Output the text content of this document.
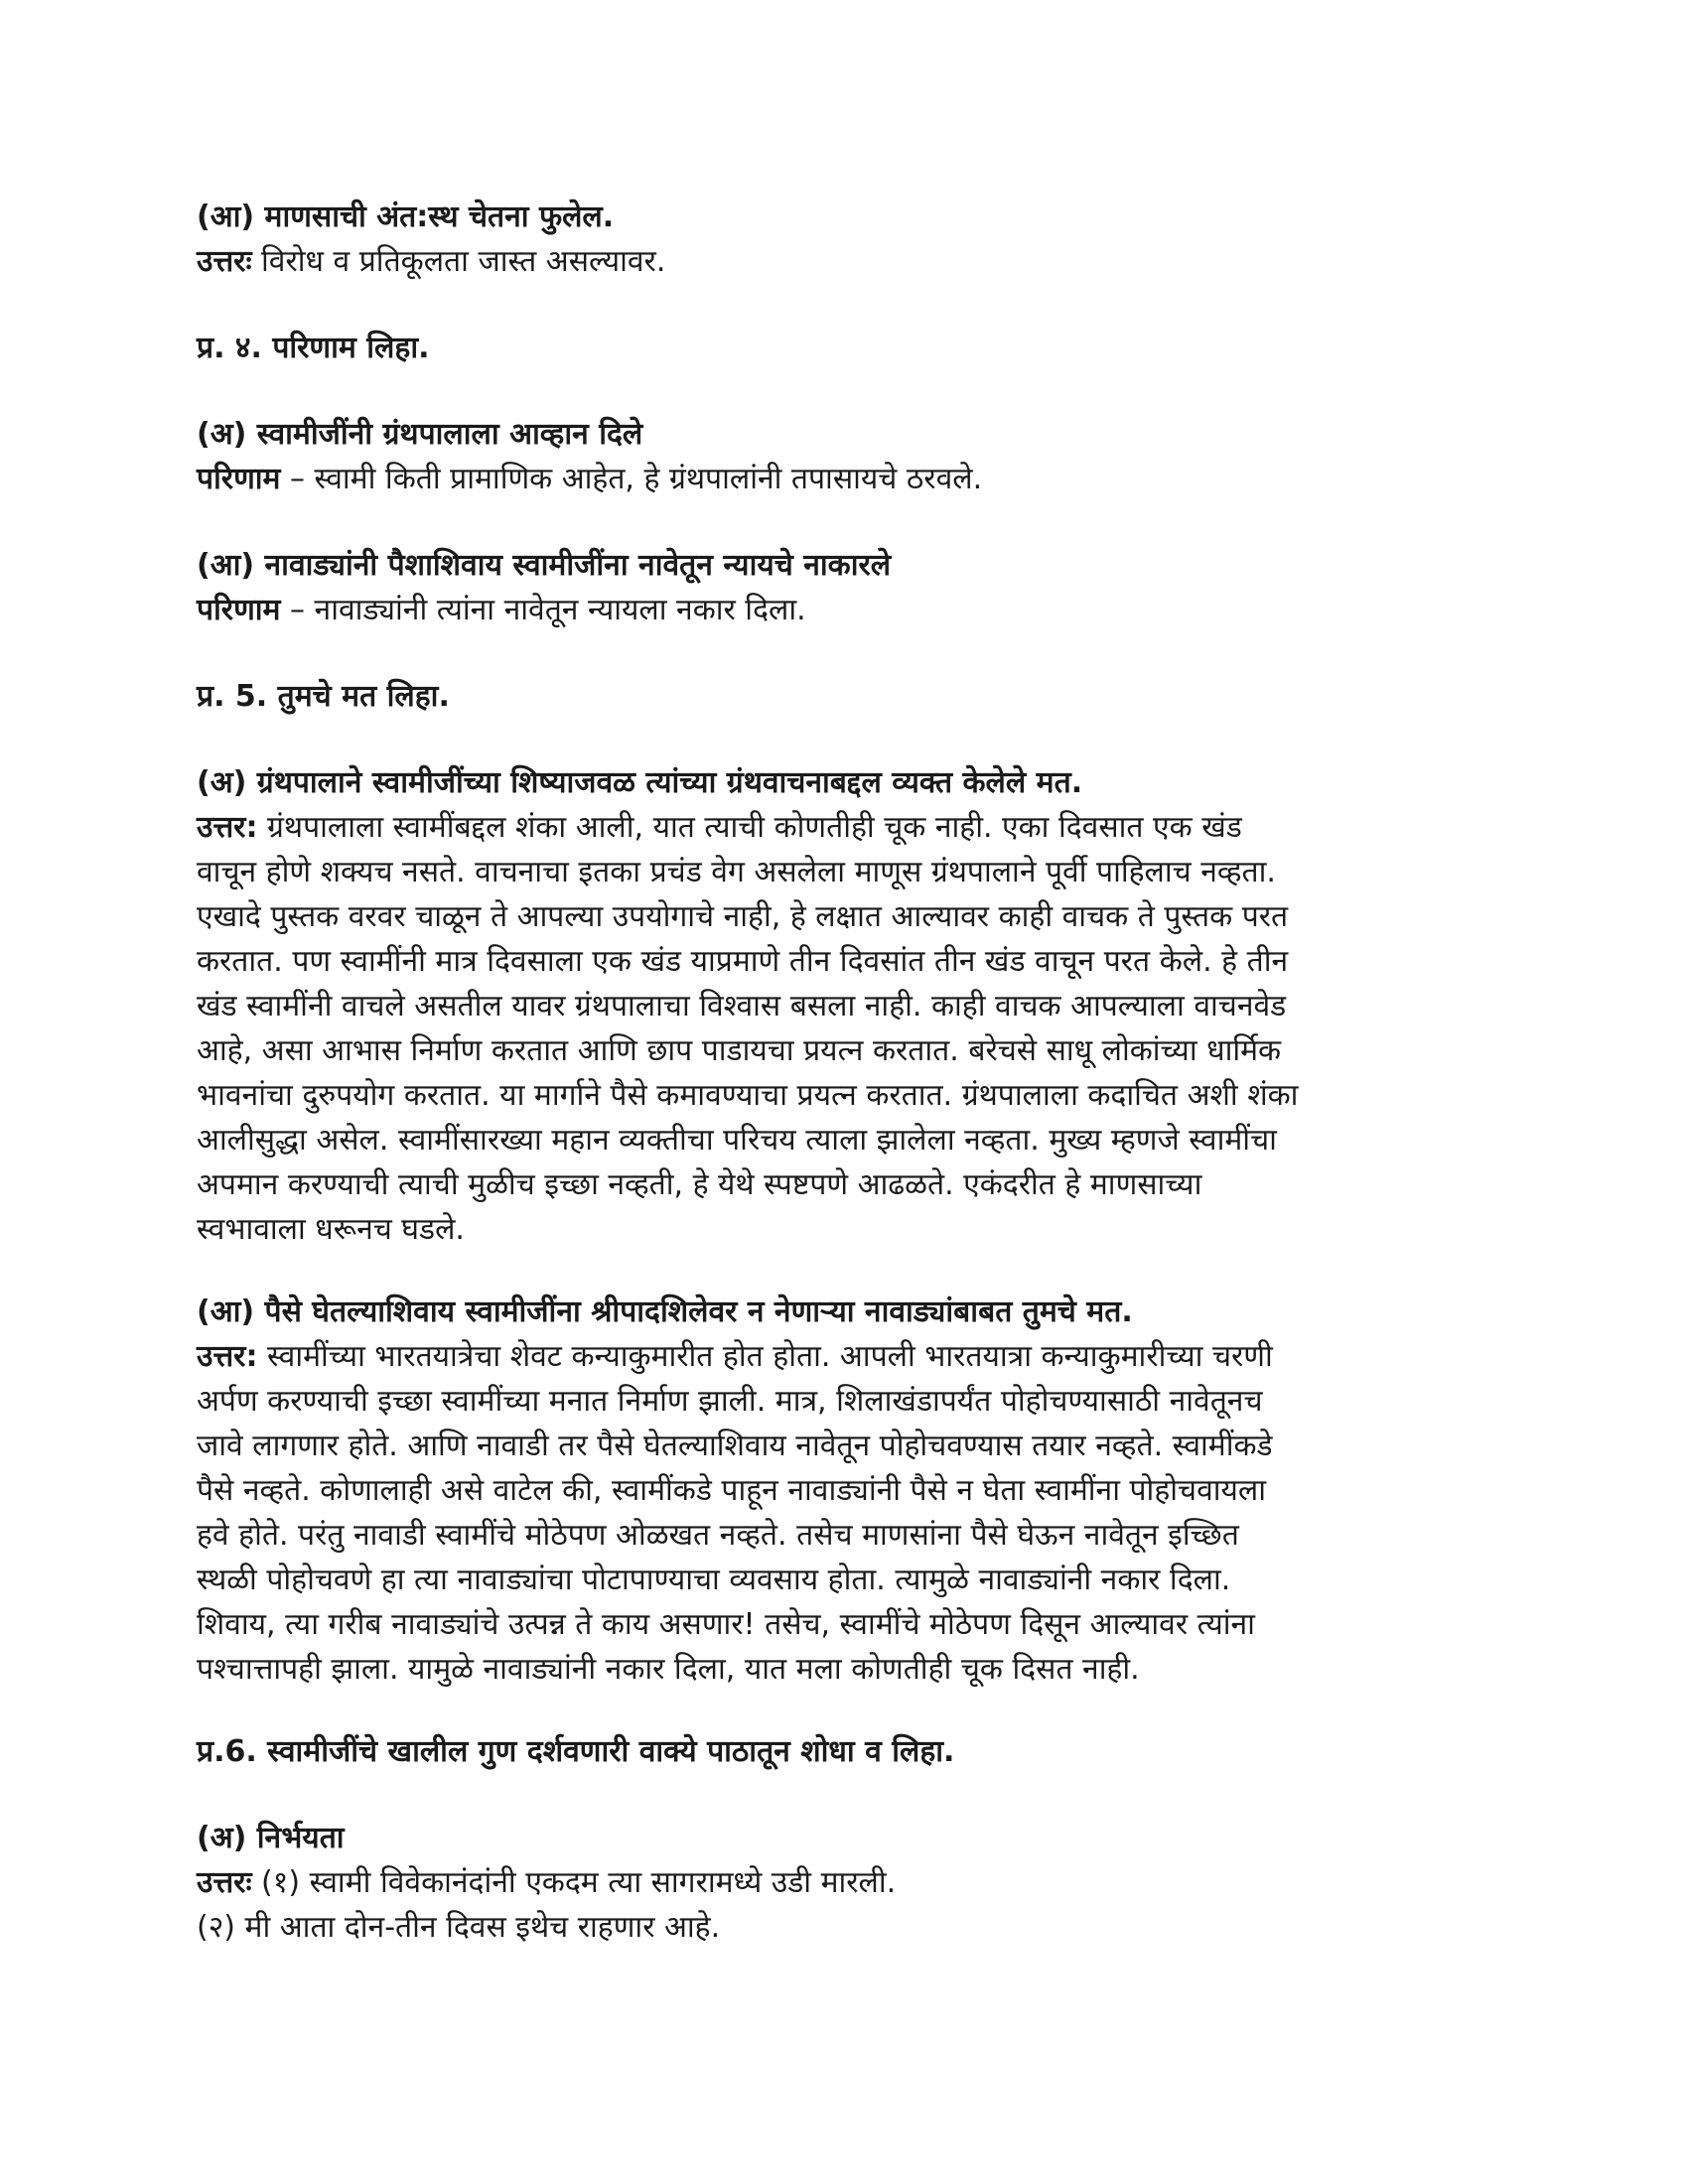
(आ) माणसाची अंत:स्थ चेतना फुलेल.

उत्तरः विरोध व प्रतिकूलता जास्त असल्यावर.

प्र. ४. परिणाम लिहा.

(अ) स्वामीजींनी ग्रंथपालाला आव्हान दिले

परिणाम – स्वामी किती प्रामाणिक आहेत, हे ग्रंथपालांनी तपासायचे ठरवले.

(आ) नावाड्यांनी पैशाशिवाय स्वामीजींना नावेतून न्यायचे नाकारले

परिणाम – नावाड्यांनी त्यांना नावेतून न्यायला नकार दिला.

प्र. 5. तुमचे मत लिहा.

(अ) ग्रंथपालाने स्वामीजींच्या शिष्याजवळ त्यांच्या ग्रंथवाचनाबद्दल व्यक्त केलेले मत.

उत्तर: ग्रंथपालाला स्वामींबद्दल शंका आली, यात त्याची कोणतीही चूक नाही. एका दिवसात एक खंड

वाचून होणे शक्यच नसते. वाचनाचा इतका प्रचंड वेग असलेला माणूस ग्रंथपालाने पूर्वी पाहिलाच नव्हता.

एखादे पुस्तक वरवर चाळून ते आपल्या उपयोगाचे नाही, हे लक्षात आल्यावर काही वाचक ते पुस्तक परत

करतात. पण स्वामींनी मात्र दिवसाला एक खंड याप्रमाणे तीन दिवसांत तीन खंड वाचून परत केले. हे तीन

खंड स्वामींनी वाचले असतील यावर ग्रंथपालाचा विश्वास बसला नाही. काही वाचक आपल्याला वाचनवेड

आहे, असा आभास निर्माण करतात आणि छाप पाडायचा प्रयत्न करतात. बरेचसे साधू लोकांच्या धार्मिक

भावनांचा दुरुपयोग करतात. या मार्गाने पैसे कमावण्याचा प्रयत्न करतात. ग्रंथपालाला कदाचित अशी शंका

आलीसुद्धा असेल. स्वामींसारख्या महान व्यक्तीचा परिचय त्याला झालेला नव्हता. मुख्य म्हणजे स्वामींचा

अपमान करण्याची त्याची मुळीच इच्छा नव्हती, हे येथे स्पष्टपणे आढळते. एकंदरीत हे माणसाच्या

स्वभावाला धरूनच घडले.

(आ) पैसे घेतल्याशिवाय स्वामीजींना श्रीपादशिलेवर न नेणाऱ्या नावाड्यांबाबत तुमचे मत.

उत्तर: स्वामींच्या भारतयात्रेचा शेवट कन्याकुमारीत होत होता. आपली भारतयात्रा कन्याकुमारीच्या चरणी

अर्पण करण्याची इच्छा स्वामींच्या मनात निर्माण झाली. मात्र, शिलाखंडापर्यंत पोहोचण्यासाठी नावेतूनच

जावे लागणार होते. आणि नावाडी तर पैसे घेतल्याशिवाय नावेतून पोहोचवण्यास तयार नव्हते. स्वामींकडे

पैसे नव्हते. कोणालाही असे वाटेल की, स्वामींकडे पाहून नावाड्यांनी पैसे न घेता स्वामींना पोहोचवायला

हवे होते. परंतु नावाडी स्वामींचे मोठेपण ओळखत नव्हते. तसेच माणसांना पैसे घेऊन नावेतून इच्छित

स्थळी पोहोचवणे हा त्या नावाड्यांचा पोटापाण्याचा व्यवसाय होता. त्यामुळे नावाड्यांनी नकार दिला.

शिवाय, त्या गरीब नावाड्यांचे उत्पन्न ते काय असणार! तसेच, स्वामींचे मोठेपण दिसून आल्यावर त्यांना

पश्चात्तापही झाला. यामुळे नावाड्यांनी नकार दिला, यात मला कोणतीही चूक दिसत नाही.

प्र.6. स्वामीजींचे खालील गुण दर्शवणारी वाक्ये पाठातून शोधा व लिहा.

(अ) निर्भयता

उत्तरः (१) स्वामी विवेकानंदांनी एकदम त्या सागरामध्ये उडी मारली.

(२) मी आता दोन-तीन दिवस इथेच राहणार आहे.
